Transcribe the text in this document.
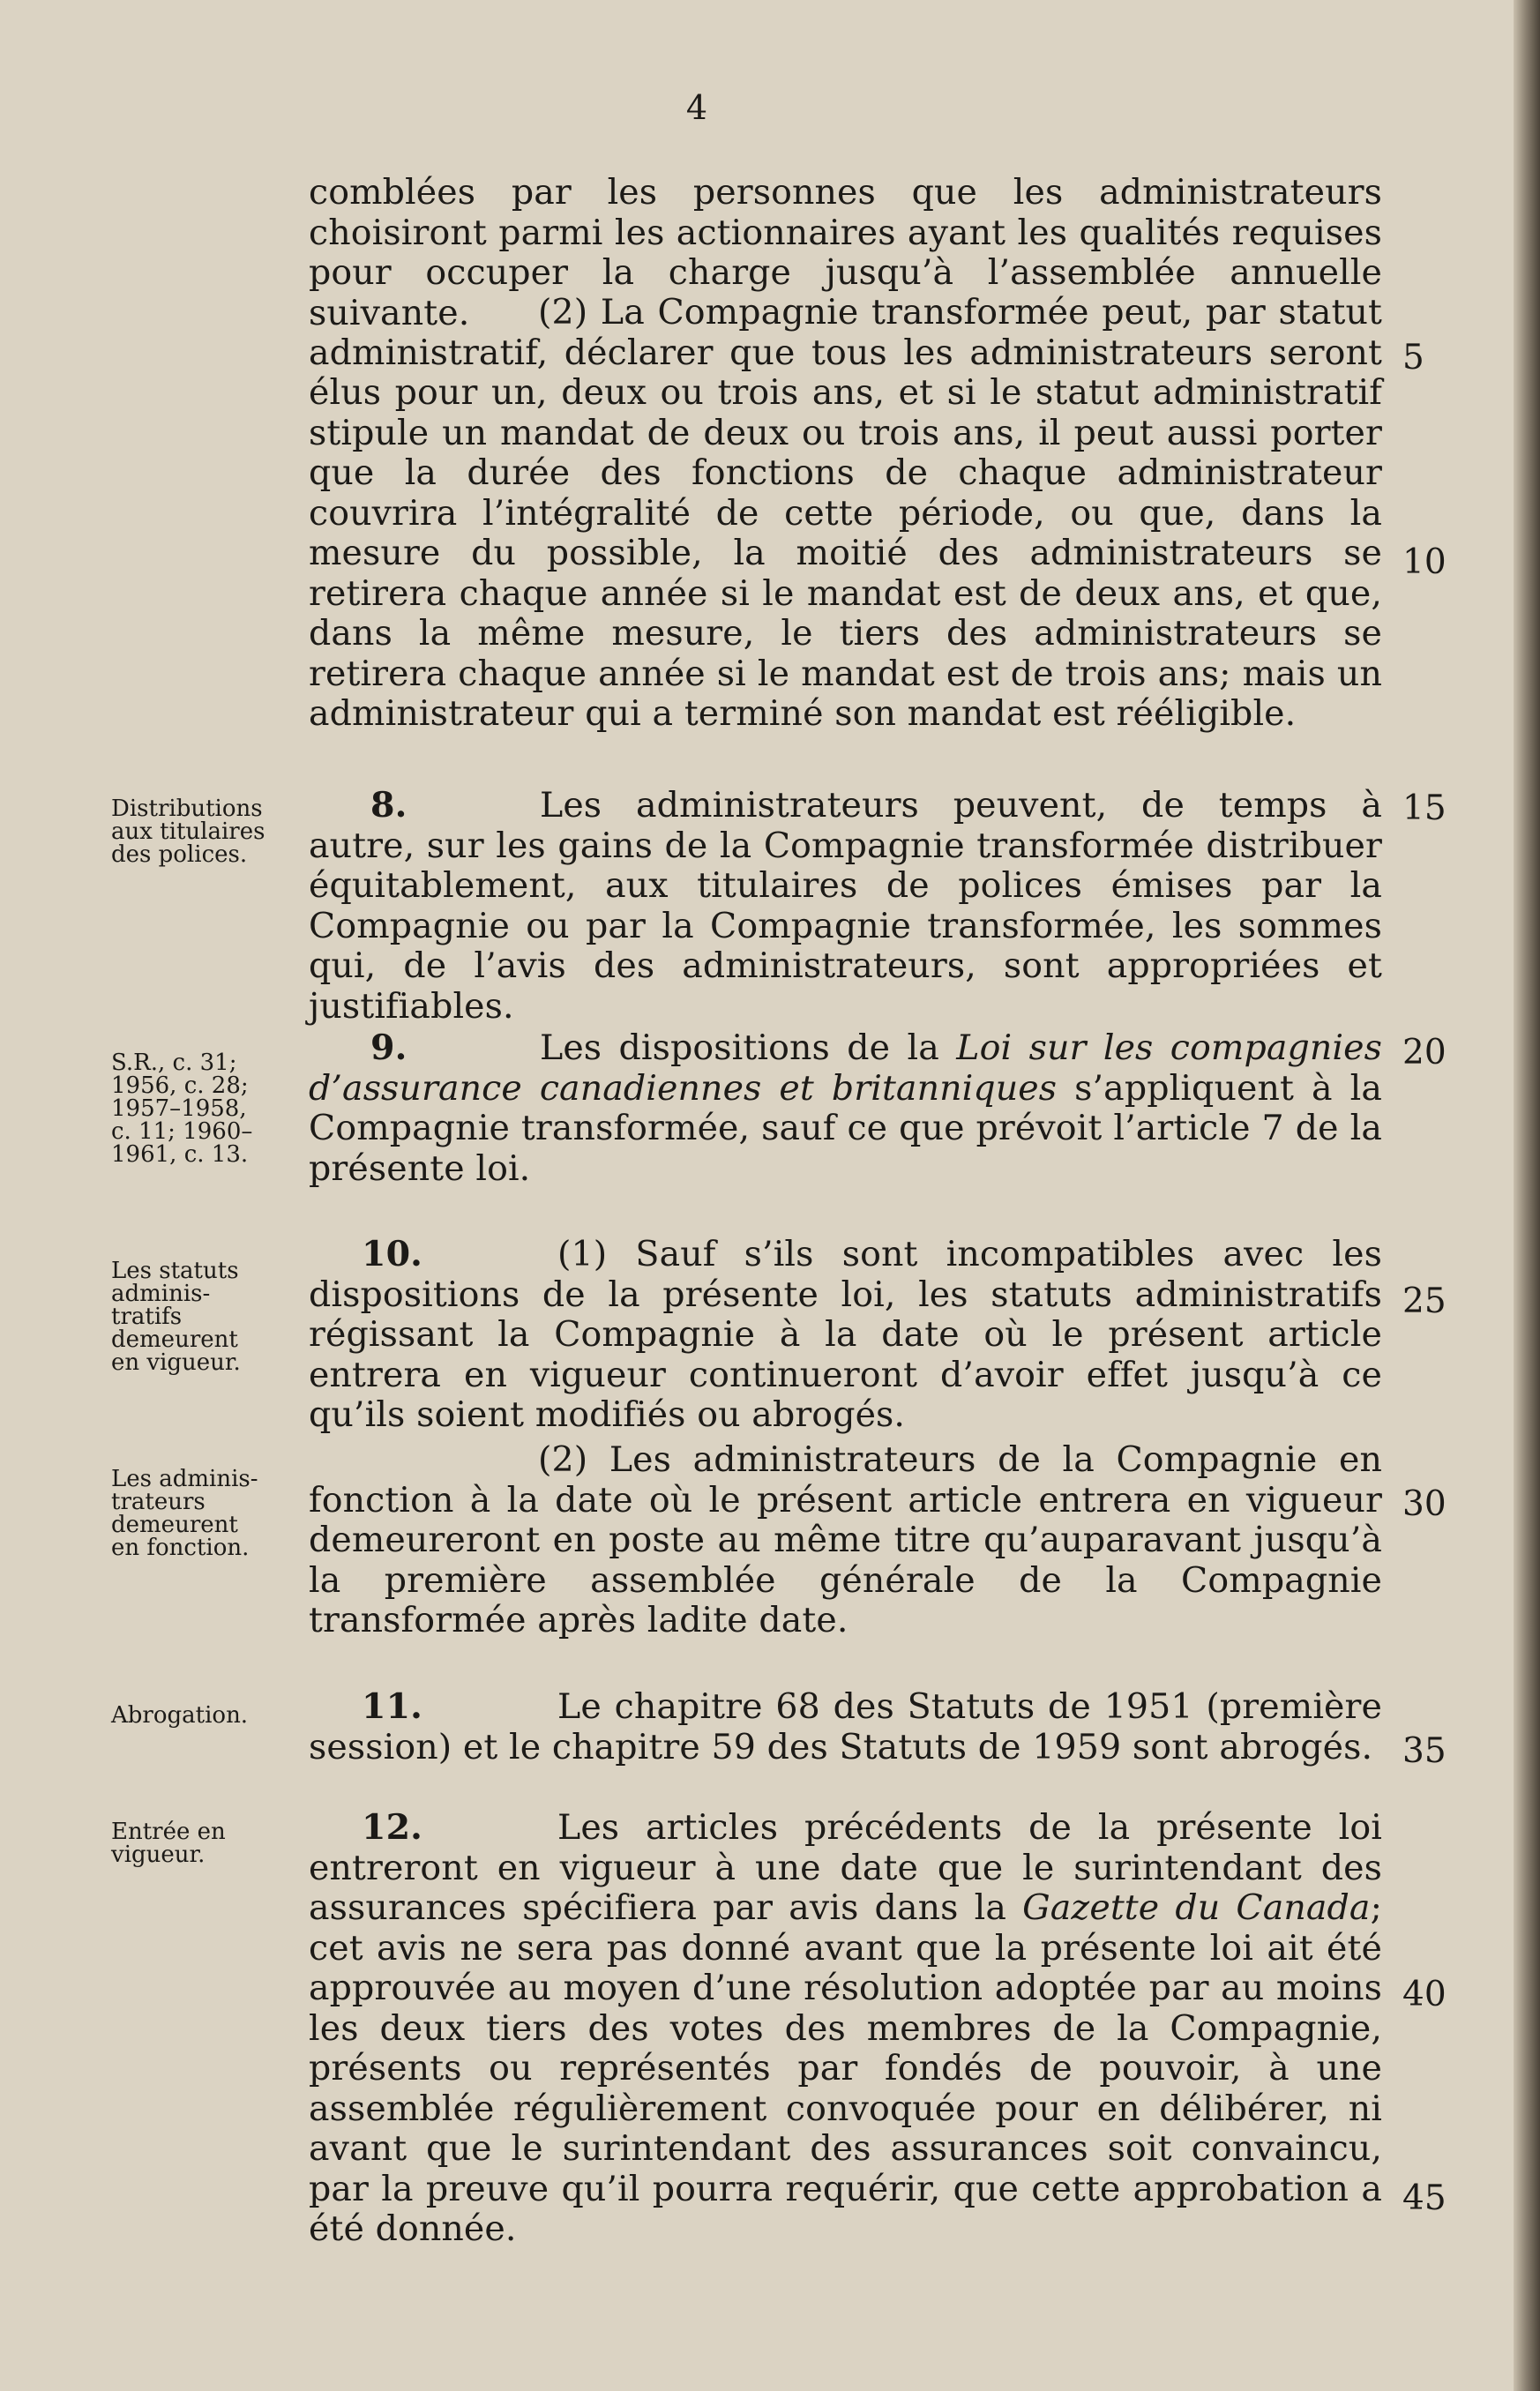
4

comblées par les personnes que les administrateurs choisiront parmi les actionnaires ayant les qualités requises pour occuper la charge jusqu’à l’assemblée annuelle suivante.	(2) La Compagnie transformée peut, par statut administratif, déclarer que tous les administrateurs seront élus pour un, deux ou trois ans, et si le statut administratif stipule un mandat de deux ou trois ans, il peut aussi porter que la durée des fonctions de chaque administrateur couvrira l’intégralité de cette période, ou que, dans la mesure du possible, la moitié des administrateurs se retirera chaque année si le mandat est de deux ans, et que, dans la même mesure, le tiers des administrateurs se retirera chaque année si le mandat est de trois ans; mais un administrateur qui a terminé son mandat est rééligible.

8.	Les administrateurs peuvent, de temps à autre, sur les gains de la Compagnie transformée distribuer équitablement, aux titulaires de polices émises par la Compagnie ou par la Compagnie transformée, les sommes qui, de l’avis des administrateurs, sont appropriées et justifiables.

9.	Les dispositions de la Loi sur les compagnies d’assurance canadiennes et britanniques s’appliquent à la Compagnie transformée, sauf ce que prévoit l’article 7 de la présente loi.

10.	(1) Sauf s’ils sont incompatibles avec les dispositions de la présente loi, les statuts administratifs régissant la Compagnie à la date où le présent article entrera en vigueur continueront d’avoir effet jusqu’à ce qu’ils soient modifiés ou abrogés.

(2) Les administrateurs de la Compagnie en fonction à la date où le présent article entrera en vigueur demeureront en poste au même titre qu’auparavant jusqu’à la première assemblée générale de la Compagnie transformée après ladite date.

11.	Le chapitre 68 des Statuts de 1951 (première session) et le chapitre 59 des Statuts de 1959 sont abrogés.

12.	Les articles précédents de la présente loi entreront en vigueur à une date que le surintendant des assurances spécifiera par avis dans la Gazette du Canada; cet avis ne sera pas donné avant que la présente loi ait été approuvée au moyen d’une résolution adoptée par au moins les deux tiers des votes des membres de la Compagnie, présents ou représentés par fondés de pouvoir, à une assemblée régulièrement convoquée pour en délibérer, ni avant que le surintendant des assurances soit convaincu, par la preuve qu’il pourra requérir, que cette approbation a été donnée.

Distributions aux titulaires des polices.
S.R., c. 31; 1956, c. 28; 1957–1958, c. 11; 1960–1961, c. 13.
Les statuts adminis-tratifs demeurent en vigueur.
Les adminis-trateurs demeurent en fonction.
Abrogation.
Entrée en vigueur.
5
10
15
20
25
30
35
40
45
